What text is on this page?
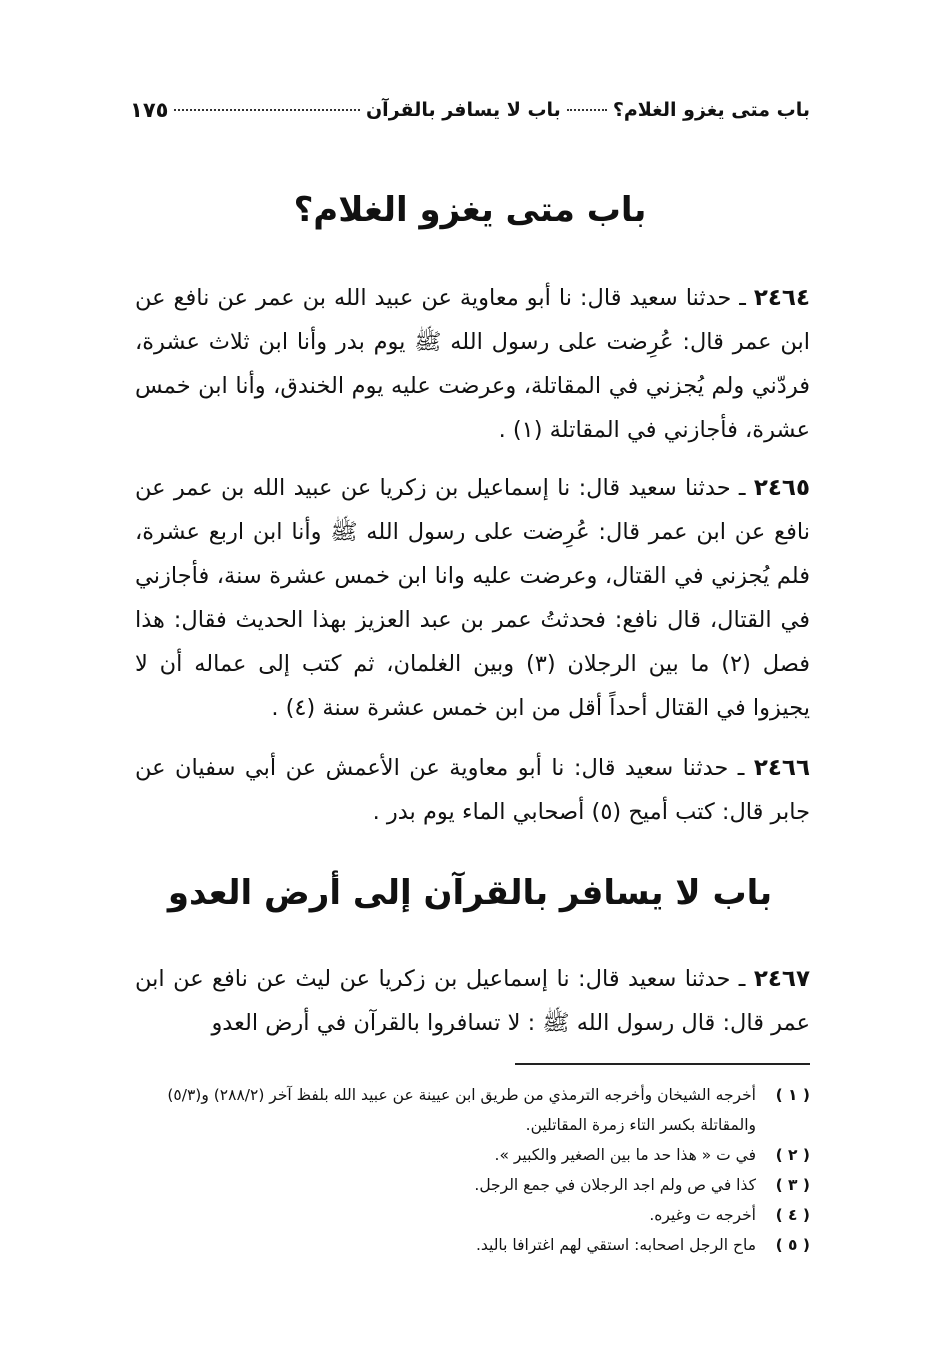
باب متى يغزو الغلام؟
باب لا يسافر بالقرآن
١٧٥
باب متى يغزو الغلام؟

٢٤٦٤ ـ حدثنا سعيد قال: نا أبو معاوية عن عبيد الله بن عمر عن نافع عن ابن عمر قال: عُرِضت على رسول الله ﷺ يوم بدر وأنا ابن ثلاث عشرة، فردّني ولم يُجزني في المقاتلة، وعرضت عليه يوم الخندق، وأنا ابن خمس عشرة، فأجازني في المقاتلة (١) .

٢٤٦٥ ـ حدثنا سعيد قال: نا إسماعيل بن زكريا عن عبيد الله بن عمر عن نافع عن ابن عمر قال: عُرِضت على رسول الله ﷺ وأنا ابن اربع عشرة، فلم يُجزني في القتال، وعرضت عليه وانا ابن خمس عشرة سنة، فأجازني في القتال، قال نافع: فحدثتُ عمر بن عبد العزيز بهذا الحديث فقال: هذا فصل (٢) ما بين الرجلان (٣) وبين الغلمان، ثم كتب إلى عماله أن لا يجيزوا في القتال أحداً أقل من ابن خمس عشرة سنة (٤) .

٢٤٦٦ ـ حدثنا سعيد قال: نا أبو معاوية عن الأعمش عن أبي سفيان عن جابر قال: كتب أميح (٥) أصحابي الماء يوم بدر .

باب لا يسافر بالقرآن إلى أرض العدو

٢٤٦٧ ـ حدثنا سعيد قال: نا إسماعيل بن زكريا عن ليث عن نافع عن ابن عمر قال: قال رسول الله ﷺ : لا تسافروا بالقرآن في أرض العدو

( ١ )
أخرجه الشيخان وأخرجه الترمذي من طريق ابن عيينة عن عبيد الله بلفظ آخر (٢٨٨/٢) و(٥/٣) والمقاتلة بكسر التاء زمرة المقاتلين.
( ٢ )
في ت « هذا حد ما بين الصغير والكبير ».
( ٣ )
كذا في ص ولم اجد الرجلان في جمع الرجل.
( ٤ )
أخرجه ت وغيره.
( ٥ )
ماح الرجل اصحابه: استقي لهم اغترافا باليد.
